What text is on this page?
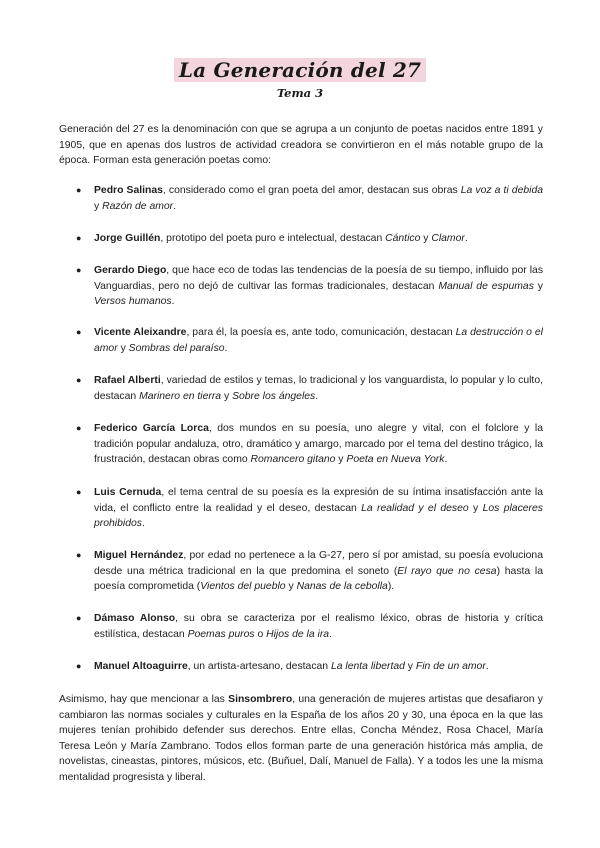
La Generación del 27
Tema 3

Generación del 27 es la denominación con que se agrupa a un conjunto de poetas nacidos entre 1891 y 1905, que en apenas dos lustros de actividad creadora se convirtieron en el más notable grupo de la época. Forman esta generación poetas como:

● Pedro Salinas, considerado como el gran poeta del amor, destacan sus obras La voz a ti debida y Razón de amor.

● Jorge Guillén, prototipo del poeta puro e intelectual, destacan Cántico y Clamor.

● Gerardo Diego, que hace eco de todas las tendencias de la poesía de su tiempo, influido por las Vanguardias, pero no dejó de cultivar las formas tradicionales, destacan Manual de espumas y Versos humanos.

● Vicente Aleixandre, para él, la poesía es, ante todo, comunicación, destacan La destrucción o el amor y Sombras del paraíso.

● Rafael Alberti, variedad de estilos y temas, lo tradicional y los vanguardista, lo popular y lo culto, destacan Marinero en tierra y Sobre los ángeles.

● Federico García Lorca, dos mundos en su poesía, uno alegre y vital, con el folclore y la tradición popular andaluza, otro, dramático y amargo, marcado por el tema del destino trágico, la frustración, destacan obras como Romancero gitano y Poeta en Nueva York.

● Luis Cernuda, el tema central de su poesía es la expresión de su íntima insatisfacción ante la vida, el conflicto entre la realidad y el deseo, destacan La realidad y el deseo y Los placeres prohibidos.

● Miguel Hernández, por edad no pertenece a la G-27, pero sí por amistad, su poesía evoluciona desde una métrica tradicional en la que predomina el soneto (El rayo que no cesa) hasta la poesía comprometida (Vientos del pueblo y Nanas de la cebolla).

● Dámaso Alonso, su obra se caracteriza por el realismo léxico, obras de historia y crítica estilística, destacan Poemas puros o Hijos de la ira.

● Manuel Altoaguirre, un artista-artesano, destacan La lenta libertad y Fin de un amor.

Asimismo, hay que mencionar a las Sinsombrero, una generación de mujeres artistas que desafiaron y cambiaron las normas sociales y culturales en la España de los años 20 y 30, una época en la que las mujeres tenían prohibido defender sus derechos. Entre ellas, Concha Méndez, Rosa Chacel, María Teresa León y María Zambrano. Todos ellos forman parte de una generación histórica más amplia, de novelistas, cineastas, pintores, músicos, etc. (Buñuel, Dalí, Manuel de Falla). Y a todos les une la misma mentalidad progresista y liberal.
